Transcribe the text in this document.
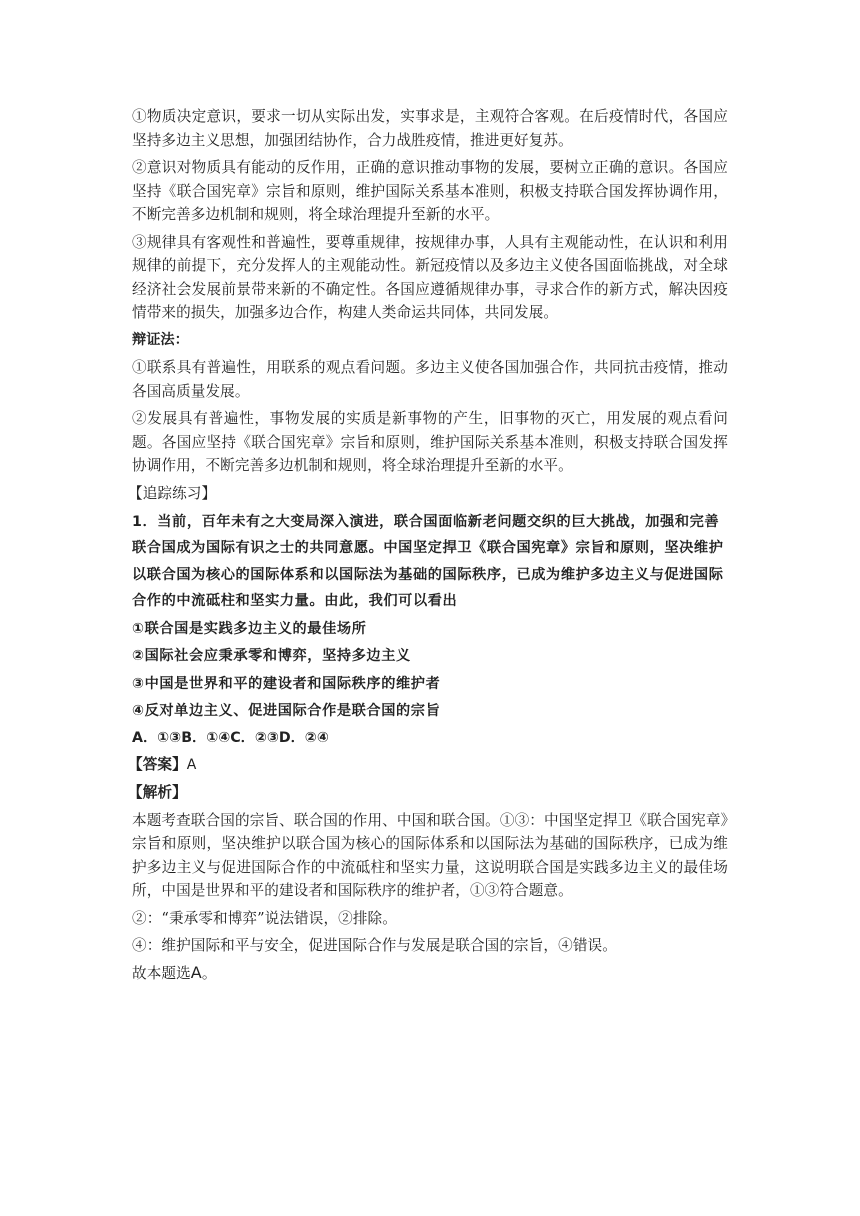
①物质决定意识，要求一切从实际出发，实事求是，主观符合客观。在后疫情时代，各国应坚持多边主义思想，加强团结协作，合力战胜疫情，推进更好复苏。

②意识对物质具有能动的反作用，正确的意识推动事物的发展，要树立正确的意识。各国应坚持《联合国宪章》宗旨和原则，维护国际关系基本准则，积极支持联合国发挥协调作用，不断完善多边机制和规则，将全球治理提升至新的水平。

③规律具有客观性和普遍性，要尊重规律，按规律办事，人具有主观能动性，在认识和利用规律的前提下，充分发挥人的主观能动性。新冠疫情以及多边主义使各国面临挑战，对全球经济社会发展前景带来新的不确定性。各国应遵循规律办事，寻求合作的新方式，解决因疫情带来的损失，加强多边合作，构建人类命运共同体，共同发展。

辩证法：

①联系具有普遍性，用联系的观点看问题。多边主义使各国加强合作，共同抗击疫情，推动各国高质量发展。

②发展具有普遍性，事物发展的实质是新事物的产生，旧事物的灭亡，用发展的观点看问题。各国应坚持《联合国宪章》宗旨和原则，维护国际关系基本准则，积极支持联合国发挥协调作用，不断完善多边机制和规则，将全球治理提升至新的水平。

【追踪练习】

1．当前，百年未有之大变局深入演进，联合国面临新老问题交织的巨大挑战，加强和完善联合国成为国际有识之士的共同意愿。中国坚定捍卫《联合国宪章》宗旨和原则，坚决维护以联合国为核心的国际体系和以国际法为基础的国际秩序，已成为维护多边主义与促进国际合作的中流砥柱和坚实力量。由此，我们可以看出

①联合国是实践多边主义的最佳场所

②国际社会应秉承零和博弈，坚持多边主义

③中国是世界和平的建设者和国际秩序的维护者

④反对单边主义、促进国际合作是联合国的宗旨

A．①③B．①④C．②③D．②④

【答案】A

【解析】

本题考查联合国的宗旨、联合国的作用、中国和联合国。①③：中国坚定捍卫《联合国宪章》宗旨和原则，坚决维护以联合国为核心的国际体系和以国际法为基础的国际秩序，已成为维护多边主义与促进国际合作的中流砥柱和坚实力量，这说明联合国是实践多边主义的最佳场所，中国是世界和平的建设者和国际秩序的维护者，①③符合题意。

②：“秉承零和博弈”说法错误，②排除。

④：维护国际和平与安全，促进国际合作与发展是联合国的宗旨，④错误。

故本题选A。
